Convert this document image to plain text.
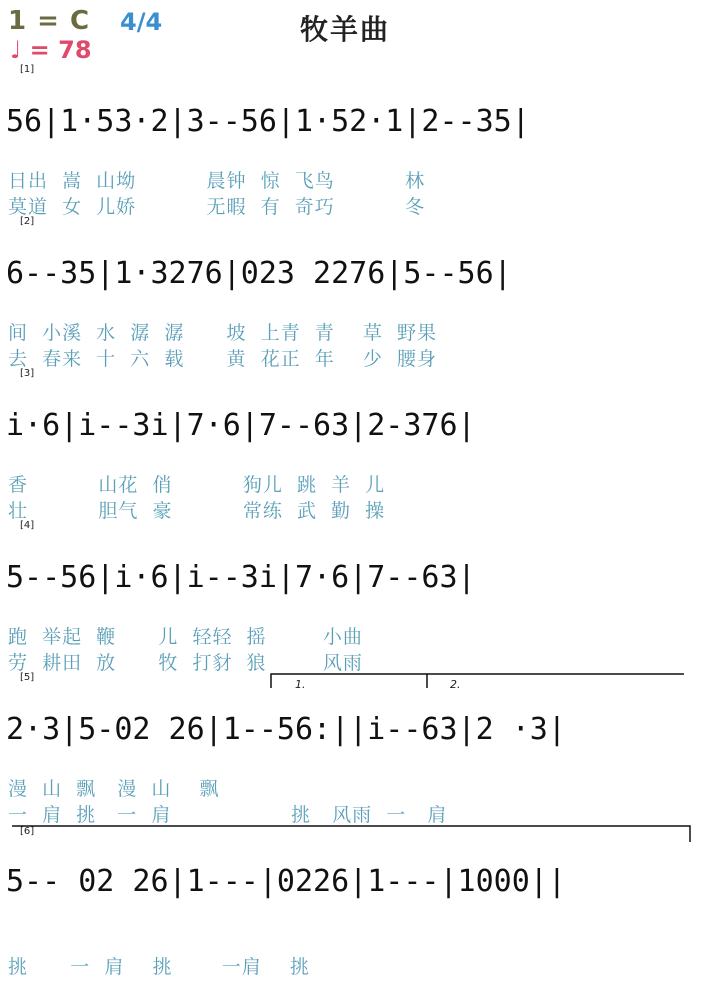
1 = C 4/4
♩ = 78
牧羊曲
[1]
[2]
[3]
[4]
[5]
[6]
56|1·53·2|3--56|1·52·1|2--35|
6--35|1·3276|023 2276|5--56|
i·6|i--3i|7·6|7--63|2-376|
5--56|i·6|i--3i|7·6|7--63|
2·3|5-02 26|1--56:||i--63|2 ·3|
5-- 02 26|1---|0226|1---|1000||
1.	2.
日出  嵩  山坳          晨钟  惊  飞鸟          林
莫道  女  儿娇          无暇  有  奇巧          冬
间  小溪  水  潺  潺      坡  上青  青    草  野果
去  春来  十  六  载      黄  花正  年    少  腰身
香          山花  俏          狗儿  跳  羊  儿
壮          胆气  豪          常练  武  勤  操
跑  举起  鞭      儿  轻轻  摇        小曲
劳  耕田  放      牧  打豺  狼        风雨
漫  山  飘   漫  山    飘
一  肩  挑   一  肩                 挑   风雨  一   肩
挑      一  肩    挑       一肩    挑
